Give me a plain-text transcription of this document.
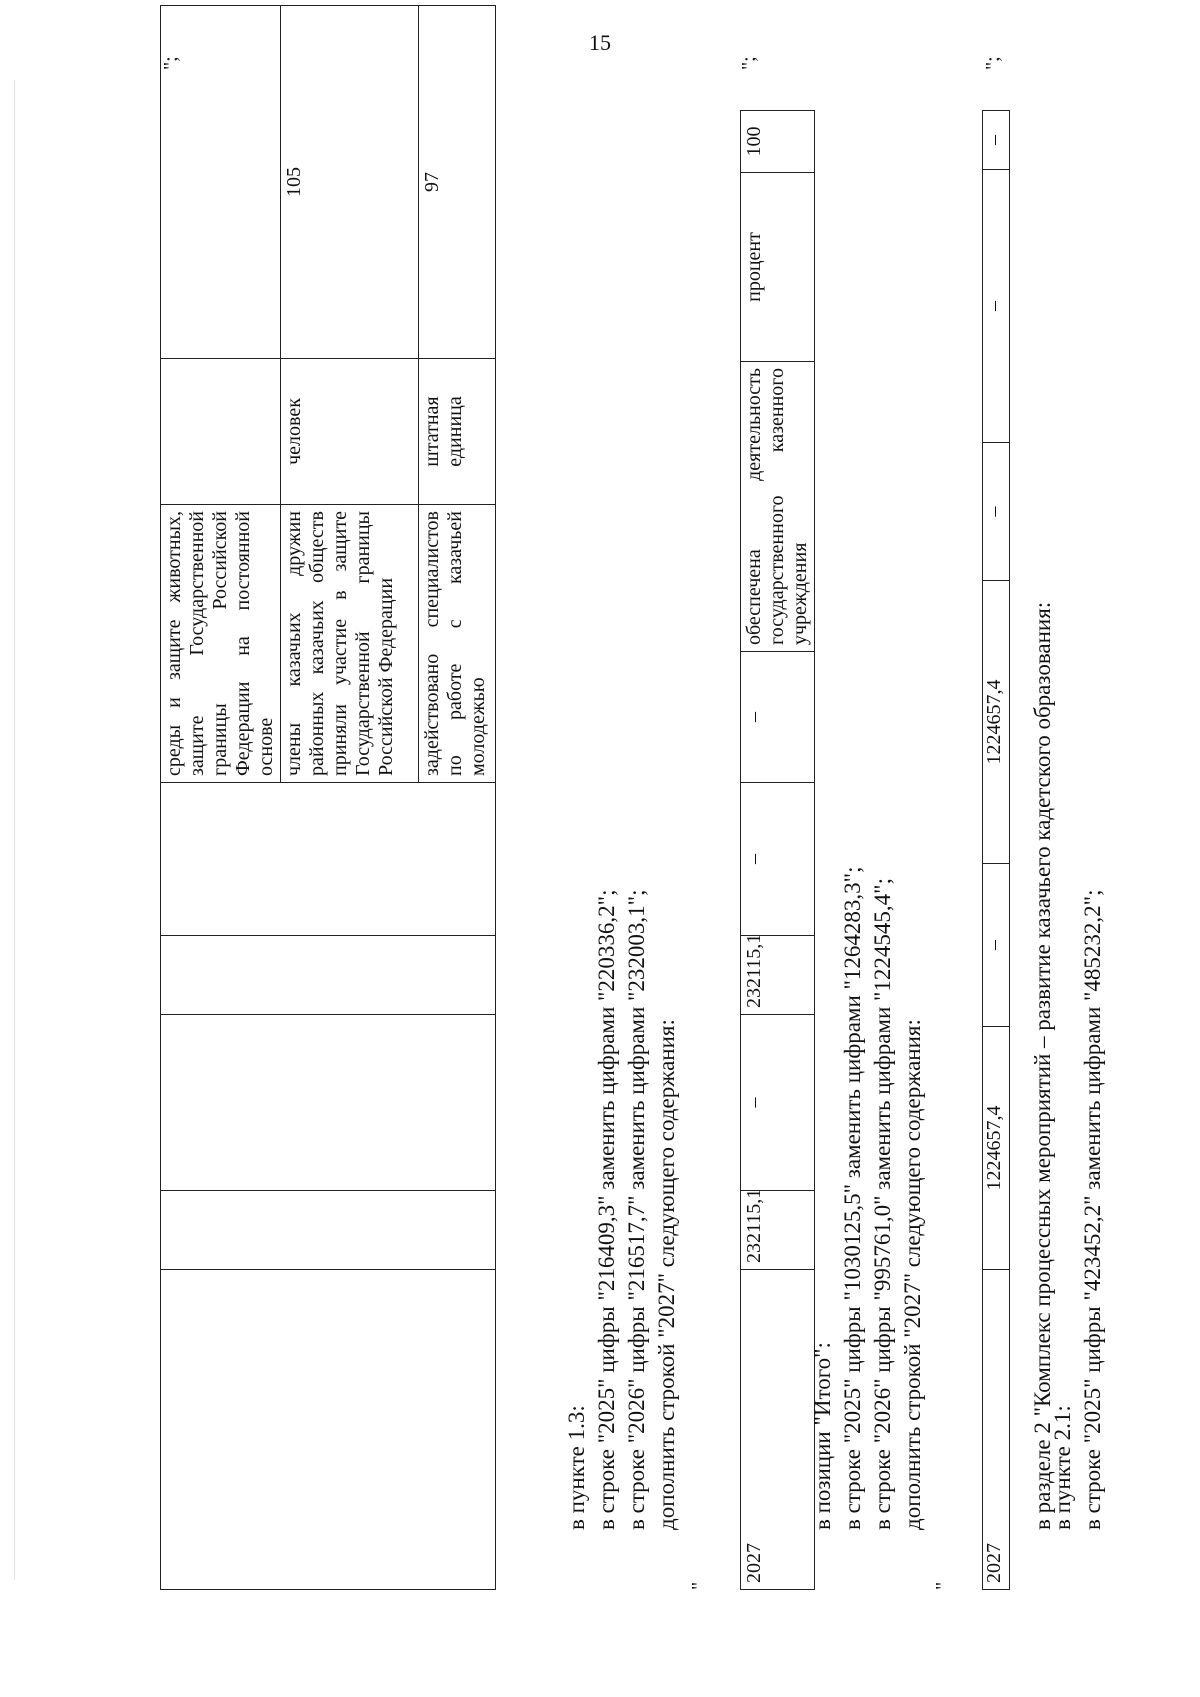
15
					среды и защите животных, защите Государственной границы Российской Федерации на постоянной основе		
					члены казачьих дружин районных казачьих обществ приняли участие в защите Государственной границы Российской Федерации	человек	105
					задействовано специалистов по работе с казачьей молодежью	штатная единица	97
";
в пункте 1.3: в строке "2025" цифры "216409,3" заменить цифрами "220336,2"; в строке "2026" цифры "216517,7" заменить цифрами "232003,1"; дополнить строкой "2027" следующего содержания:
"
2027	232115,1	–	232115,1	–	–	обеспечена деятельность государственного казенного учреждения	процент	100
";
в позиции "Итого": в строке "2025" цифры "1030125,5" заменить цифрами "1264283,3"; в строке "2026" цифры "995761,0" заменить цифрами "1224545,4"; дополнить строкой "2027" следующего содержания:
"
2027	1224657,4	–	1224657,4	–	–	–
";
в разделе 2 "Комплекс процессных мероприятий – развитие казачьего кадетского образования:
в пункте 2.1: в строке "2025" цифры "423452,2" заменить цифрами "485232,2";
